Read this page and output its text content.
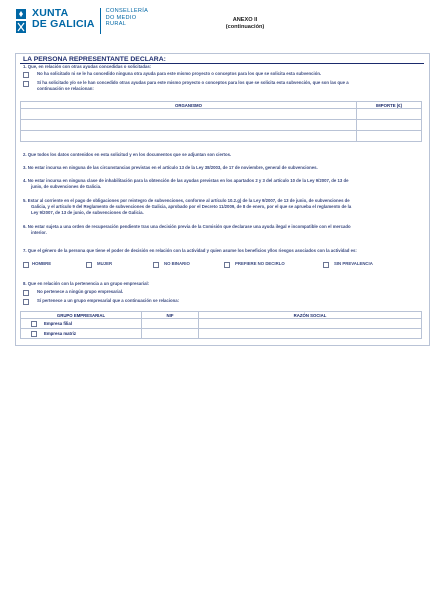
XUNTA
DE GALICIA
CONSELLERÍA
DO MEDIO
RURAL
ANEXO II
(continuación)
LA PERSONA REPRESENTANTE DECLARA:
1. Que, en relación con otras ayudas concedidas o solicitadas:
No ha solicitado ni se le ha concedido ninguna otra ayuda para este mismo proyecto o conceptos para los que se solicita esta subvención.
Sí ha solicitado y/o se le han concedido otras ayudas para este mismo proyecto o conceptos para los que se solicita esta subvención, que son las que a
continuación se relacionan:
ORGANISMO	IMPORTE (€)

2. Que todos los datos contenidos en esta solicitud y en los documentos que se adjuntan son ciertos.
3. No estar incursa en ninguna de las circunstancias previstas en el artículo 13 de la Ley 38/2003, de 17 de noviembre, general de subvenciones.
4. No estar incursa en ninguna clase de inhabilitación para la obtención de las ayudas previstas en los apartados 2 y 3 del artículo 10 de la Ley 9/2007, de 13 de
junio, de subvenciones de Galicia.
5. Estar al corriente en el pago de obligaciones por reintegro de subvenciones, conforme al artículo 10.2.g) de la Ley 9/2007, de 13 de junio, de subvenciones de
Galicia, y el artículo 9 del Reglamento de subvenciones de Galicia, aprobado por el Decreto 11/2009, de 8 de enero, por el que se aprueba el reglamento de la
Ley 9/2007, de 13 de junio, de subvenciones de Galicia.
6. No estar sujeta a una orden de recuperación pendiente tras una decisión previa de la Comisión que declarase una ayuda ilegal e incompatible con el mercado
interior.
7. Que el género de la persona que tiene el poder de decisión en relación con la actividad y quien asume los beneficios y/los riesgos asociados con la actividad es:
HOMBRE	MUJER	NO BINARIO	PREFIERE NO DECIRLO	SIN PREVALENCIA
8. Que en relación con la pertenencia a un grupo empresarial:
No pertenece a ningún grupo empresarial.
Sí pertenece a un grupo empresarial que a continuación se relaciona:
GRUPO EMPRESARIAL	NIF	RAZÓN SOCIAL

Empresa filial		

Empresa matriz		
